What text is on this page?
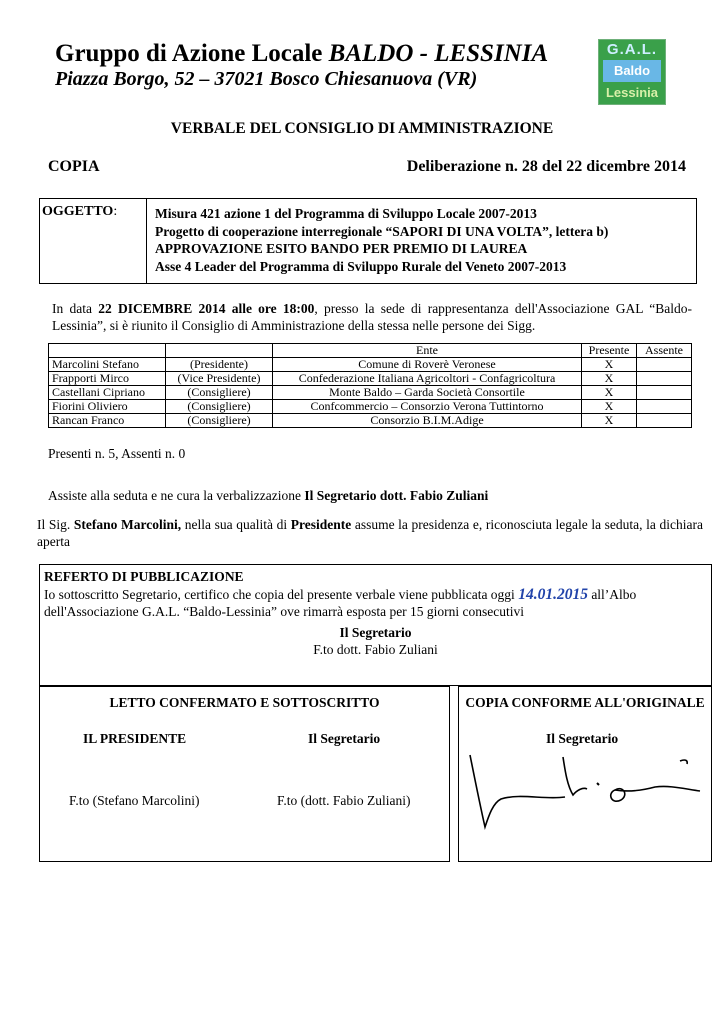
Gruppo di Azione Locale BALDO - LESSINIA
Piazza Borgo, 52 – 37021 Bosco Chiesanuova (VR)
G.A.L.
Baldo
Lessinia
VERBALE DEL CONSIGLIO DI AMMINISTRAZIONE
COPIA	Deliberazione n. 28 del 22 dicembre 2014
OGGETTO:	Misura 421 azione 1 del Programma di Sviluppo Locale 2007-2013
Progetto di cooperazione interregionale “SAPORI DI UNA VOLTA”, lettera b)
APPROVAZIONE ESITO BANDO PER PREMIO DI LAUREA
Asse 4 Leader del Programma di Sviluppo Rurale del Veneto 2007-2013
In data 22 DICEMBRE 2014 alle ore 18:00, presso la sede di rappresentanza dell'Associazione GAL “Baldo-Lessinia”, si è riunito il Consiglio di Amministrazione della stessa nelle persone dei Sigg.
		Ente	Presente	Assente
Marcolini Stefano	(Presidente)	Comune di Roverè Veronese	X	
Frapporti Mirco	(Vice Presidente)	Confederazione Italiana Agricoltori - Confagricoltura	X	
Castellani Cipriano	(Consigliere)	Monte Baldo – Garda Società Consortile	X	
Fiorini Oliviero	(Consigliere)	Confcommercio – Consorzio Verona Tuttintorno	X	
Rancan Franco	(Consigliere)	Consorzio B.I.M.Adige	X	
Presenti n. 5, Assenti n. 0
Assiste alla seduta e ne cura la verbalizzazione Il Segretario dott. Fabio Zuliani
Il Sig. Stefano Marcolini, nella sua qualità di Presidente assume la presidenza e, riconosciuta legale la seduta, la dichiara aperta
REFERTO DI PUBBLICAZIONE
Io sottoscritto Segretario, certifico che copia del presente verbale viene pubblicata oggi 14.01.2015 all’Albo dell'Associazione G.A.L. “Baldo-Lessinia” ove rimarrà esposta per 15 giorni consecutivi
Il Segretario
F.to dott. Fabio Zuliani
LETTO CONFERMATO E SOTTOSCRITTO
IL PRESIDENTE	Il Segretario
F.to (Stefano Marcolini)	F.to (dott. Fabio Zuliani)
COPIA CONFORME ALL'ORIGINALE
Il Segretario
